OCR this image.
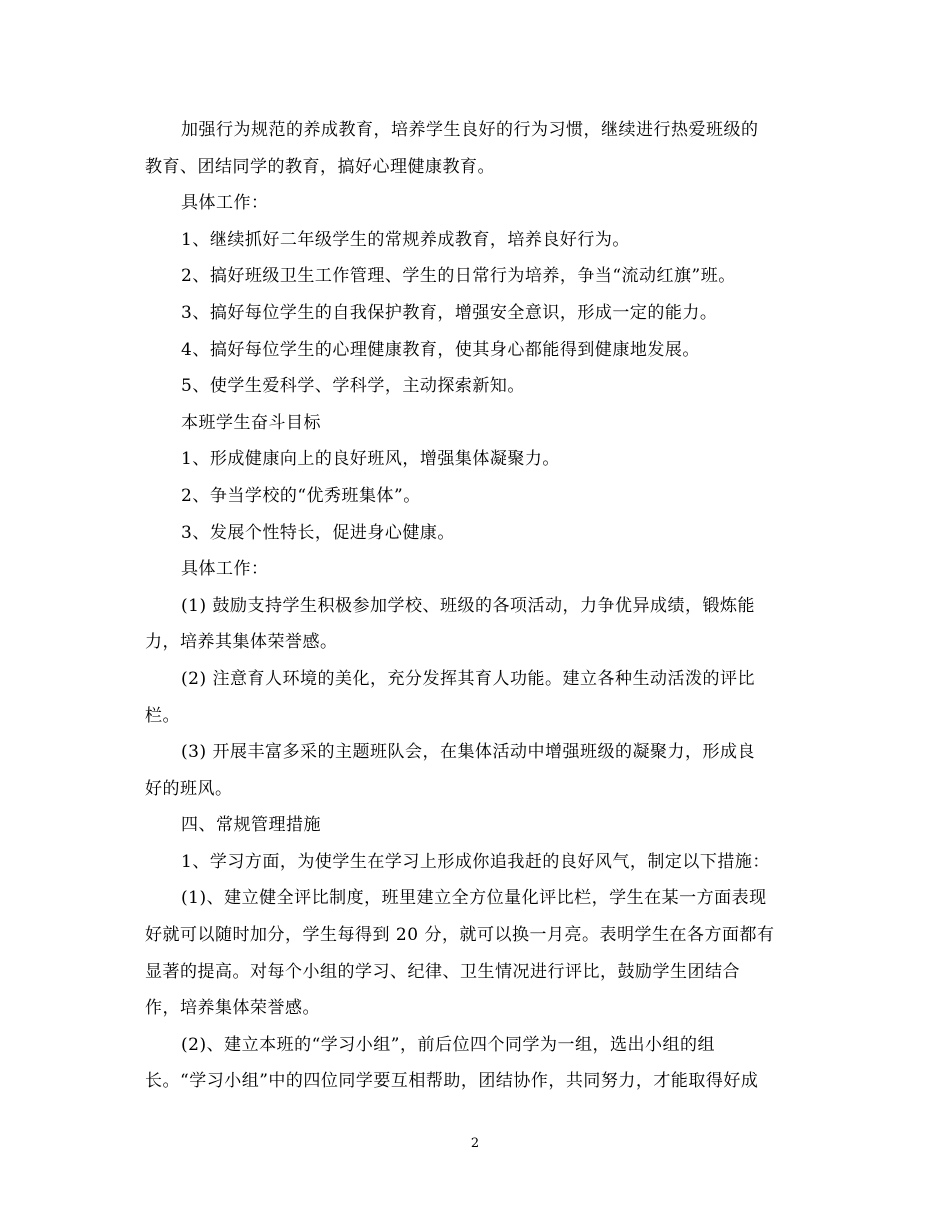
加强行为规范的养成教育，培养学生良好的行为习惯，继续进行热爱班级的
教育、团结同学的教育，搞好心理健康教育。
具体工作：
1、继续抓好二年级学生的常规养成教育，培养良好行为。
2、搞好班级卫生工作管理、学生的日常行为培养，争当“流动红旗”班。
3、搞好每位学生的自我保护教育，增强安全意识，形成一定的能力。
4、搞好每位学生的心理健康教育，使其身心都能得到健康地发展。
5、使学生爱科学、学科学，主动探索新知。
本班学生奋斗目标
1、形成健康向上的良好班风，增强集体凝聚力。
2、争当学校的“优秀班集体”。
3、发展个性特长，促进身心健康。
具体工作：
(1) 鼓励支持学生积极参加学校、班级的各项活动，力争优异成绩，锻炼能
力，培养其集体荣誉感。
(2) 注意育人环境的美化，充分发挥其育人功能。建立各种生动活泼的评比
栏。
(3) 开展丰富多采的主题班队会，在集体活动中增强班级的凝聚力，形成良
好的班风。
四、常规管理措施
1、学习方面，为使学生在学习上形成你追我赶的良好风气，制定以下措施：
(1)、建立健全评比制度，班里建立全方位量化评比栏，学生在某一方面表现
好就可以随时加分，学生每得到 20 分，就可以换一月亮。表明学生在各方面都有
显著的提高。对每个小组的学习、纪律、卫生情况进行评比，鼓励学生团结合
作，培养集体荣誉感。
(2)、建立本班的“学习小组”，前后位四个同学为一组，选出小组的组
长。“学习小组”中的四位同学要互相帮助，团结协作，共同努力，才能取得好成
2
